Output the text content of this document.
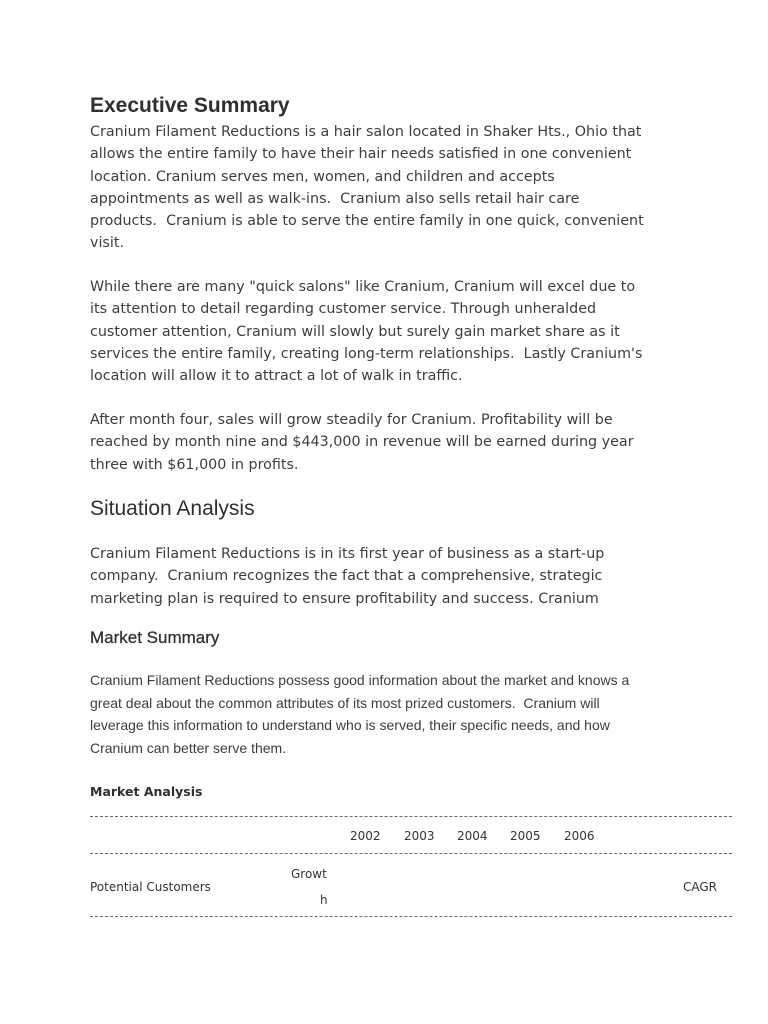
Executive Summary
Cranium Filament Reductions is a hair salon located in Shaker Hts., Ohio that
allows the entire family to have their hair needs satisfied in one convenient
location. Cranium serves men, women, and children and accepts
appointments as well as walk-ins.  Cranium also sells retail hair care
products.  Cranium is able to serve the entire family in one quick, convenient
visit.
While there are many "quick salons" like Cranium, Cranium will excel due to
its attention to detail regarding customer service. Through unheralded
customer attention, Cranium will slowly but surely gain market share as it
services the entire family, creating long-term relationships.  Lastly Cranium's
location will allow it to attract a lot of walk in traffic.
After month four, sales will grow steadily for Cranium. Profitability will be
reached by month nine and $443,000 in revenue will be earned during year
three with $61,000 in profits.
Situation Analysis
Cranium Filament Reductions is in its first year of business as a start-up
company.  Cranium recognizes the fact that a comprehensive, strategic
marketing plan is required to ensure profitability and success. Cranium
Market Summary
Cranium Filament Reductions possess good information about the market and knows a
great deal about the common attributes of its most prized customers.  Cranium will
leverage this information to understand who is served, their specific needs, and how
Cranium can better serve them.
Market Analysis
2002 2003 2004 2005 2006
Growt
Potential Customers	CAGR
h
